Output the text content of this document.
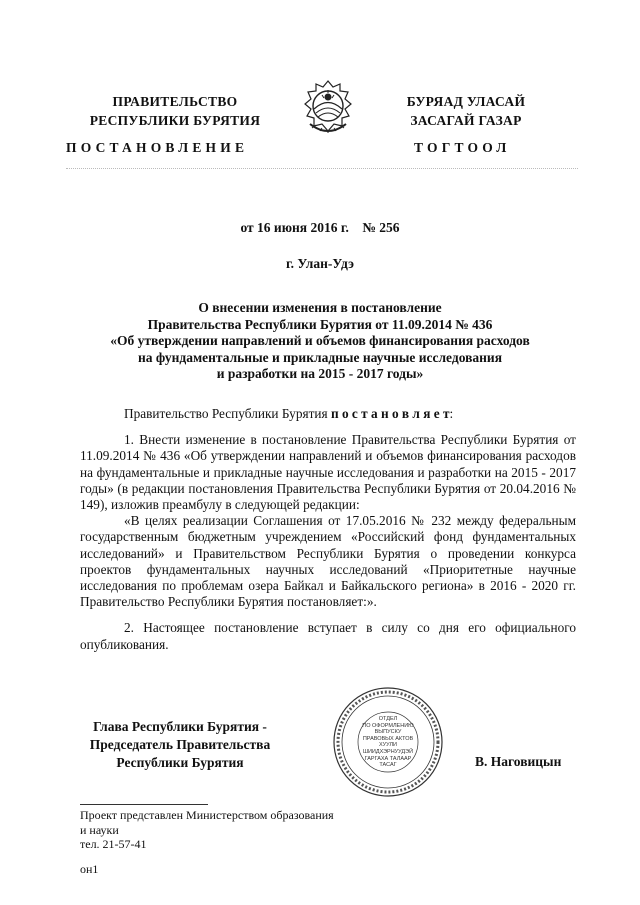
ПРАВИТЕЛЬСТВО
РЕСПУБЛИКИ БУРЯТИЯ
БУРЯАД УЛАСАЙ
ЗАСАГАЙ ГАЗАР
ПОСТАНОВЛЕНИЕ	ТОГТООЛ
от 16 июня 2016 г.    № 256
г. Улан-Удэ
О внесении изменения в постановление
Правительства Республики Бурятия от 11.09.2014 № 436
«Об утверждении направлений и объемов финансирования расходов
на фундаментальные и прикладные научные исследования
и разработки на 2015 - 2017 годы»
Правительство Республики Бурятия п о с т а н о в л я е т:
1. Внести изменение в постановление Правительства Республики Бурятия от 11.09.2014 № 436 «Об утверждении направлений и объемов финансирования расходов на фундаментальные и прикладные научные исследования и разработки на 2015 - 2017 годы» (в редакции постановления Правительства Республики Бурятия от 20.04.2016 № 149), изложив преамбулу в следующей редакции:
«В целях реализации Соглашения от 17.05.2016 № 232 между федеральным государственным бюджетным учреждением «Российский фонд фундаментальных исследований» и Правительством Республики Бурятия о проведении конкурса проектов фундаментальных научных исследований «Приоритетные научные исследования по проблемам озера Байкал и Байкальского региона» в 2016 - 2020 гг. Правительство Республики Бурятия постановляет:».
2. Настоящее постановление вступает в силу со дня его официального опубликования.
ОТДЕЛ
ПО ОФОРМЛЕНИЮ
ВЫПУСКУ
ПРАВОВЫХ АКТОВ
ХУУЛИ
ШИИДХЭРНУУДЭЙ
ГАРГАХА ТАЛААР
ТАСАГ
Глава Республики Бурятия -
Председатель Правительства
Республики Бурятия	В. Наговицын
Проект представлен Министерством образования
и науки
тел. 21-57-41
он1
